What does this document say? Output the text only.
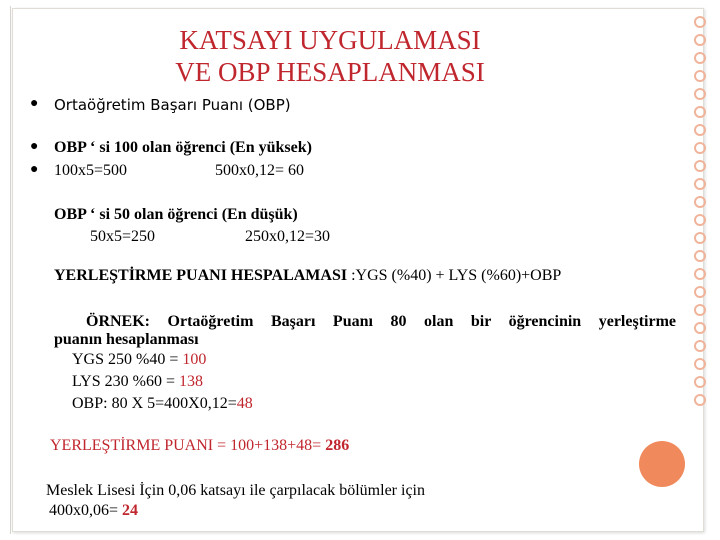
KATSAYI UYGULAMASI
VE OBP HESAPLANMASI
● Ortaöğretim Başarı Puanı (OBP)
● OBP ‘ si 100 olan öğrenci (En yüksek)
● 100x5=500	500x0,12= 60
OBP ‘ si 50 olan öğrenci (En düşük)
50x5=250	250x0,12=30
YERLEŞTİRME PUANI HESPALAMASI :YGS (%40) + LYS (%60)+OBP
ÖRNEK: Ortaöğretim Başarı Puanı 80 olan bir öğrencinin yerleştirme
puanın hesaplanması
YGS 250 %40 = 100
LYS 230 %60 = 138
OBP: 80 X 5=400X0,12=48
YERLEŞTİRME PUANI = 100+138+48= 286
Meslek Lisesi İçin 0,06 katsayı ile çarpılacak bölümler için
400x0,06= 24
